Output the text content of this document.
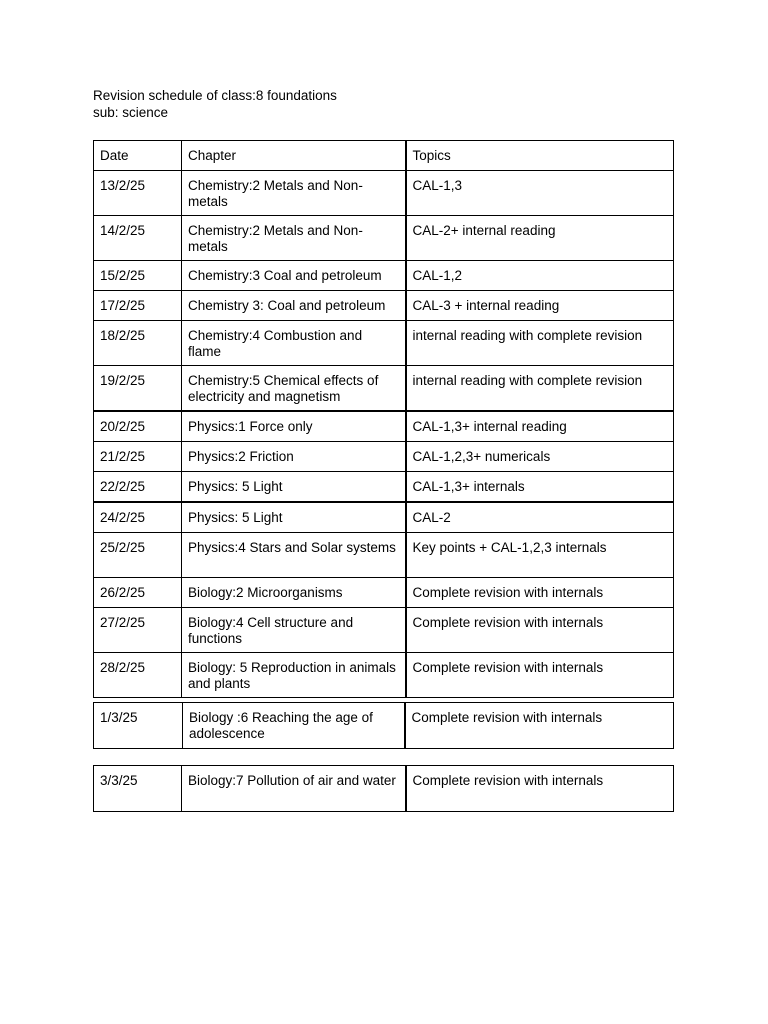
Revision schedule of class:8 foundations
sub: science
Date	Chapter	Topics
13/2/25	Chemistry:2 Metals and Non-metals	CAL-1,3
14/2/25	Chemistry:2 Metals and Non-metals	CAL-2+ internal reading
15/2/25	Chemistry:3 Coal and petroleum	CAL-1,2
17/2/25	Chemistry 3: Coal and petroleum	CAL-3 + internal reading
18/2/25	Chemistry:4 Combustion and flame	internal reading with complete revision
19/2/25	Chemistry:5 Chemical effects of electricity and magnetism	internal reading with complete revision
20/2/25	Physics:1 Force only	CAL-1,3+ internal reading
21/2/25	Physics:2 Friction	CAL-1,2,3+ numericals
22/2/25	Physics: 5 Light	CAL-1,3+ internals
24/2/25	Physics: 5 Light	CAL-2
25/2/25	Physics:4 Stars and Solar systems	Key points + CAL-1,2,3 internals
26/2/25	Biology:2 Microorganisms	Complete revision with internals
27/2/25	Biology:4 Cell structure and functions	Complete revision with internals
28/2/25	Biology: 5 Reproduction in animals and plants	Complete revision with internals
1/3/25	Biology :6 Reaching the age of adolescence	Complete revision with internals
3/3/25	Biology:7 Pollution of air and water	Complete revision with internals
